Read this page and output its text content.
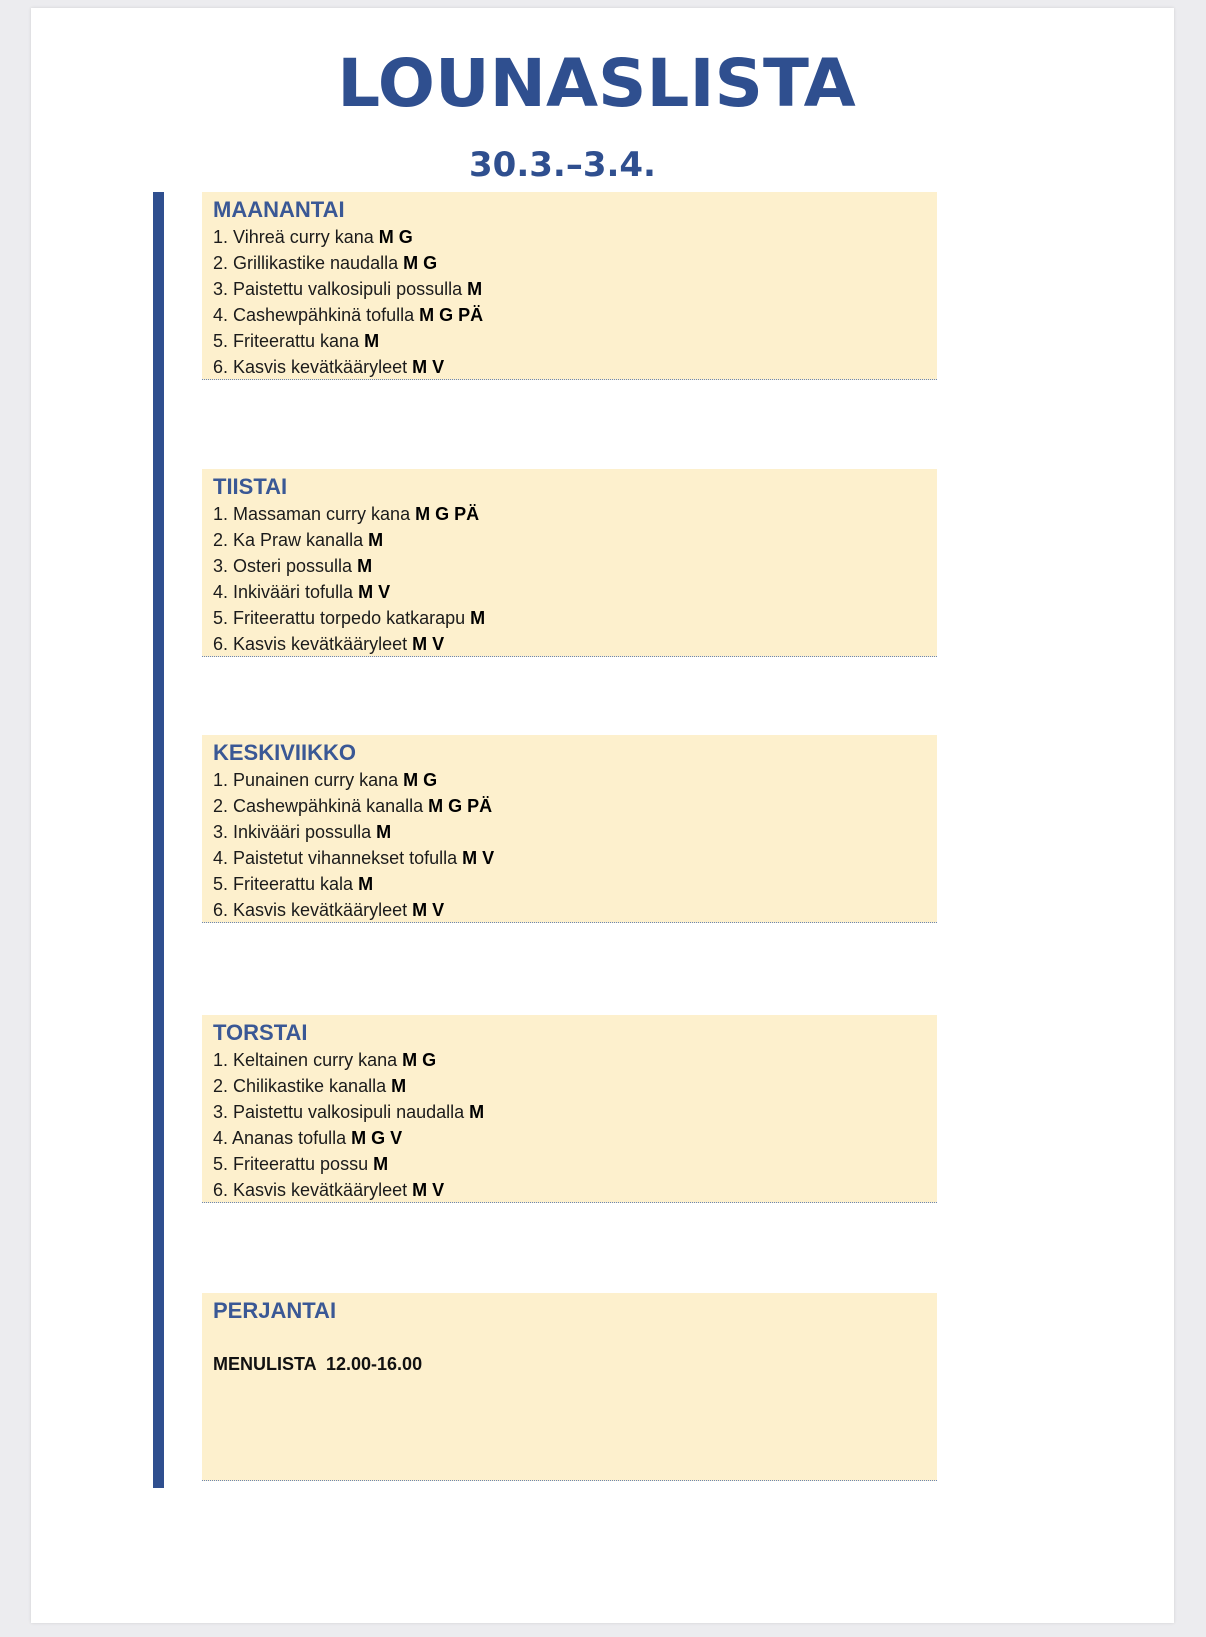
LOUNASLISTA
30.3.–3.4.

MAANANTAI

1. Vihreä curry kana M G

2. Grillikastike naudalla M G

3. Paistettu valkosipuli possulla M

4. Cashewpähkinä tofulla M G PÄ

5. Friteerattu kana M

6. Kasvis kevätkääryleet M V

TIISTAI

1. Massaman curry kana M G PÄ

2. Ka Praw kanalla M

3. Osteri possulla M

4. Inkivääri tofulla M V

5. Friteerattu torpedo katkarapu M

6. Kasvis kevätkääryleet M V

KESKIVIIKKO

1. Punainen curry kana M G

2. Cashewpähkinä kanalla M G PÄ

3. Inkivääri possulla M

4. Paistetut vihannekset tofulla M V

5. Friteerattu kala M

6. Kasvis kevätkääryleet M V

TORSTAI

1. Keltainen curry kana M G

2. Chilikastike kanalla M

3. Paistettu valkosipuli naudalla M

4. Ananas tofulla M G V

5. Friteerattu possu M

6. Kasvis kevätkääryleet M V

PERJANTAI

MENULISTA  12.00-16.00
